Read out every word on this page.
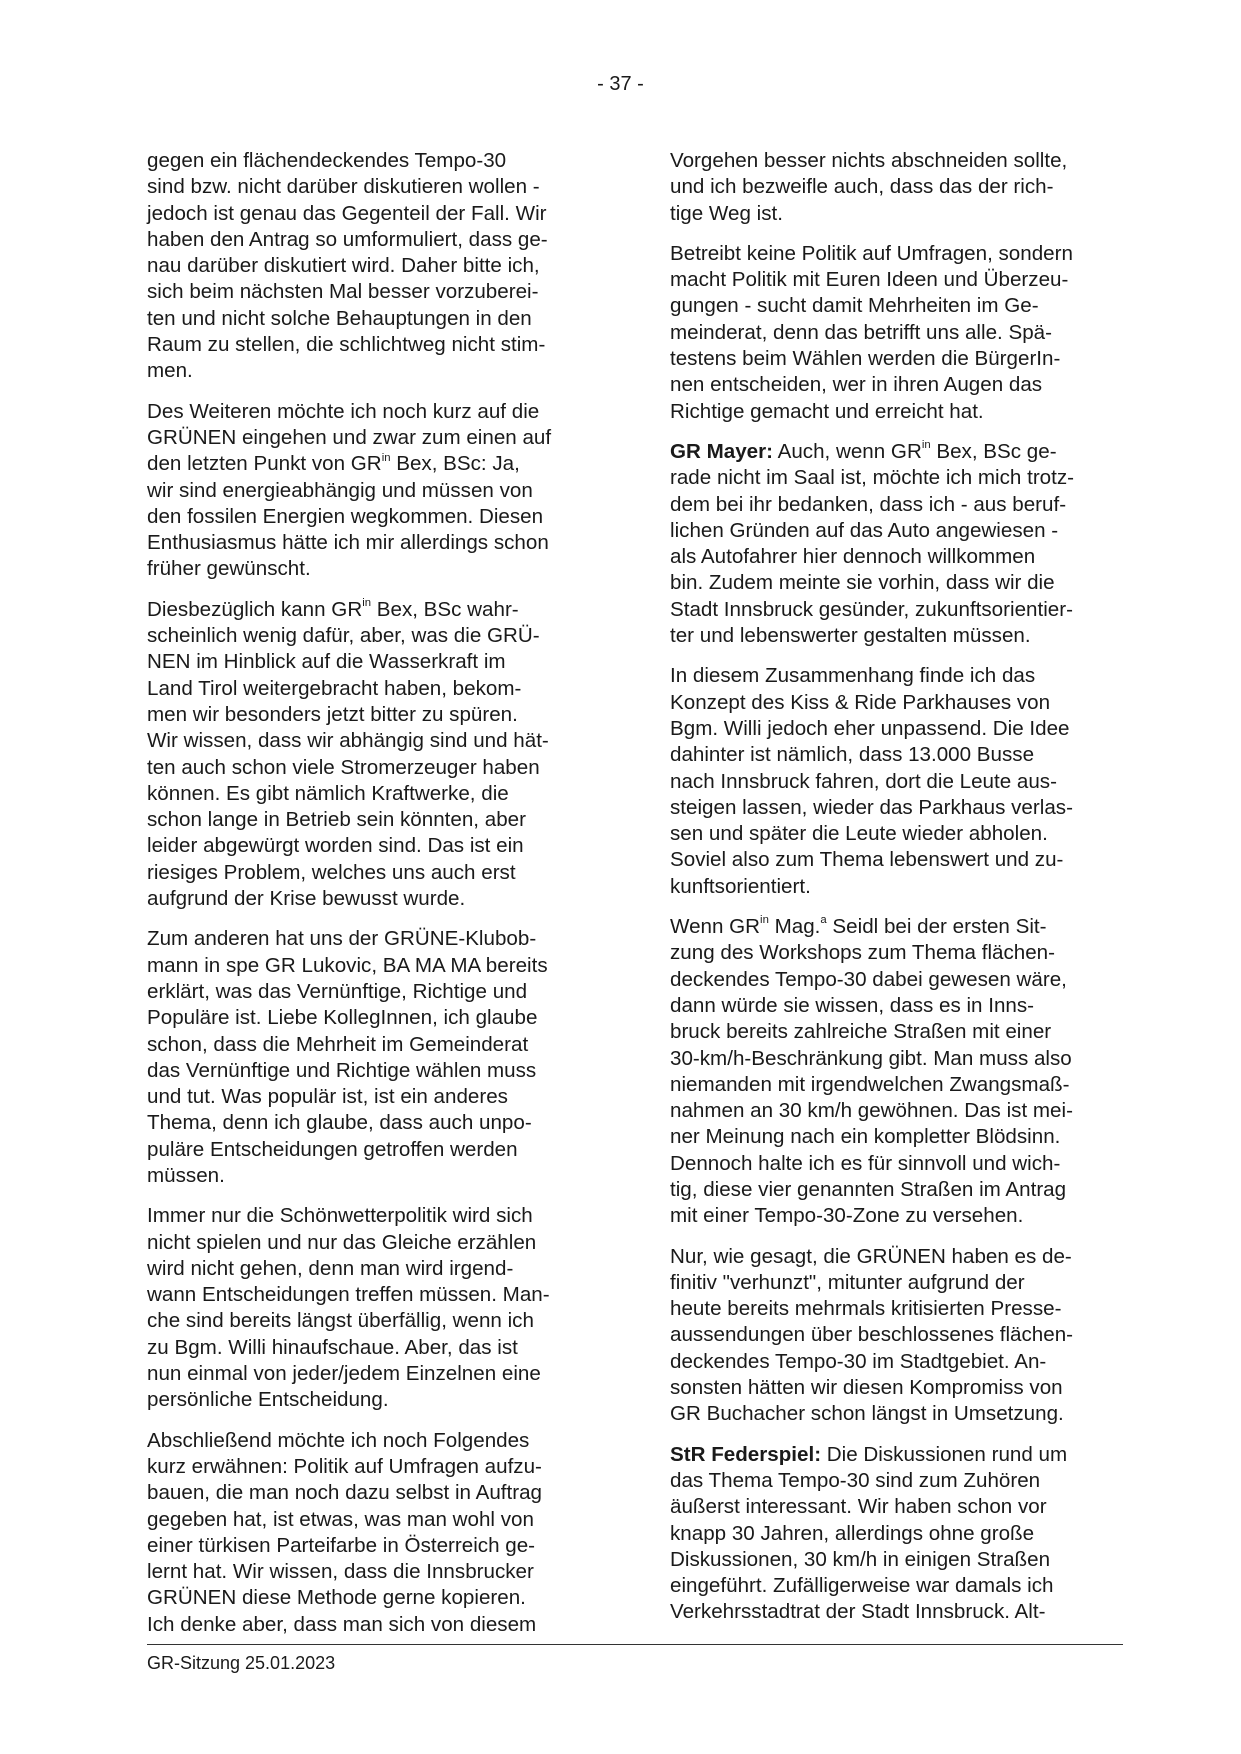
- 37 -
gegen ein flächendeckendes Tempo-30
sind bzw. nicht darüber diskutieren wollen -
jedoch ist genau das Gegenteil der Fall. Wir
haben den Antrag so umformuliert, dass ge-
nau darüber diskutiert wird. Daher bitte ich,
sich beim nächsten Mal besser vorzuberei-
ten und nicht solche Behauptungen in den
Raum zu stellen, die schlichtweg nicht stim-
men.
Des Weiteren möchte ich noch kurz auf die
GRÜNEN eingehen und zwar zum einen auf
den letzten Punkt von $GR^{in}$ Bex, BSc: Ja,
wir sind energieabhängig und müssen von
den fossilen Energien wegkommen. Diesen
Enthusiasmus hätte ich mir allerdings schon
früher gewünscht.
Diesbezüglich kann $GR^{in}$ Bex, BSc wahr-
scheinlich wenig dafür, aber, was die GRÜ-
NEN im Hinblick auf die Wasserkraft im
Land Tirol weitergebracht haben, bekom-
men wir besonders jetzt bitter zu spüren.
Wir wissen, dass wir abhängig sind und hät-
ten auch schon viele Stromerzeuger haben
können. Es gibt nämlich Kraftwerke, die
schon lange in Betrieb sein könnten, aber
leider abgewürgt worden sind. Das ist ein
riesiges Problem, welches uns auch erst
aufgrund der Krise bewusst wurde.
Zum anderen hat uns der GRÜNE-Klubob-
mann in spe GR Lukovic, BA MA MA bereits
erklärt, was das Vernünftige, Richtige und
Populäre ist. Liebe KollegInnen, ich glaube
schon, dass die Mehrheit im Gemeinderat
das Vernünftige und Richtige wählen muss
und tut. Was populär ist, ist ein anderes
Thema, denn ich glaube, dass auch unpo-
puläre Entscheidungen getroffen werden
müssen.
Immer nur die Schönwetterpolitik wird sich
nicht spielen und nur das Gleiche erzählen
wird nicht gehen, denn man wird irgend-
wann Entscheidungen treffen müssen. Man-
che sind bereits längst überfällig, wenn ich
zu Bgm. Willi hinaufschaue. Aber, das ist
nun einmal von jeder/jedem Einzelnen eine
persönliche Entscheidung.
Abschließend möchte ich noch Folgendes
kurz erwähnen: Politik auf Umfragen aufzu-
bauen, die man noch dazu selbst in Auftrag
gegeben hat, ist etwas, was man wohl von
einer türkisen Parteifarbe in Österreich ge-
lernt hat. Wir wissen, dass die Innsbrucker
GRÜNEN diese Methode gerne kopieren.
Ich denke aber, dass man sich von diesem
Vorgehen besser nichts abschneiden sollte,
und ich bezweifle auch, dass das der rich-
tige Weg ist.
Betreibt keine Politik auf Umfragen, sondern
macht Politik mit Euren Ideen und Überzeu-
gungen - sucht damit Mehrheiten im Ge-
meinderat, denn das betrifft uns alle. Spä-
testens beim Wählen werden die BürgerIn-
nen entscheiden, wer in ihren Augen das
Richtige gemacht und erreicht hat.
GR Mayer: Auch, wenn $GR^{in}$ Bex, BSc ge-
rade nicht im Saal ist, möchte ich mich trotz-
dem bei ihr bedanken, dass ich - aus beruf-
lichen Gründen auf das Auto angewiesen -
als Autofahrer hier dennoch willkommen
bin. Zudem meinte sie vorhin, dass wir die
Stadt Innsbruck gesünder, zukunftsorientier-
ter und lebenswerter gestalten müssen.
In diesem Zusammenhang finde ich das
Konzept des Kiss & Ride Parkhauses von
Bgm. Willi jedoch eher unpassend. Die Idee
dahinter ist nämlich, dass 13.000 Busse
nach Innsbruck fahren, dort die Leute aus-
steigen lassen, wieder das Parkhaus verlas-
sen und später die Leute wieder abholen.
Soviel also zum Thema lebenswert und zu-
kunftsorientiert.
Wenn $GR^{in}$ Mag.$^a$ Seidl bei der ersten Sit-
zung des Workshops zum Thema flächen-
deckendes Tempo-30 dabei gewesen wäre,
dann würde sie wissen, dass es in Inns-
bruck bereits zahlreiche Straßen mit einer
30-km/h-Beschränkung gibt. Man muss also
niemanden mit irgendwelchen Zwangsmaß-
nahmen an 30 km/h gewöhnen. Das ist mei-
ner Meinung nach ein kompletter Blödsinn.
Dennoch halte ich es für sinnvoll und wich-
tig, diese vier genannten Straßen im Antrag
mit einer Tempo-30-Zone zu versehen.
Nur, wie gesagt, die GRÜNEN haben es de-
finitiv "verhunzt", mitunter aufgrund der
heute bereits mehrmals kritisierten Presse-
aussendungen über beschlossenes flächen-
deckendes Tempo-30 im Stadtgebiet. An-
sonsten hätten wir diesen Kompromiss von
GR Buchacher schon längst in Umsetzung.
StR Federspiel: Die Diskussionen rund um
das Thema Tempo-30 sind zum Zuhören
äußerst interessant. Wir haben schon vor
knapp 30 Jahren, allerdings ohne große
Diskussionen, 30 km/h in einigen Straßen
eingeführt. Zufälligerweise war damals ich
Verkehrsstadtrat der Stadt Innsbruck. Alt-
GR-Sitzung 25.01.2023
